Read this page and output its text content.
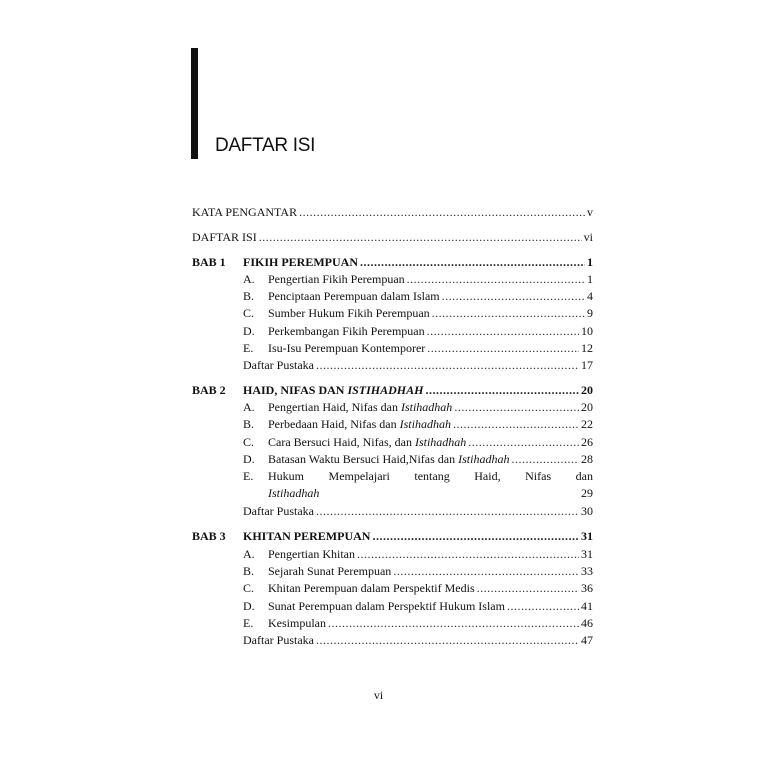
DAFTAR ISI
KATA PENGANTAR .....	v
DAFTAR ISI .....	vi
BAB 1	FIKIH PEREMPUAN .....	1
A.	Pengertian Fikih Perempuan .....	1
B.	Penciptaan Perempuan dalam Islam .....	4
C.	Sumber Hukum Fikih Perempuan .....	9
D.	Perkembangan Fikih Perempuan .....	10
E.	Isu-Isu Perempuan Kontemporer .....	12
Daftar Pustaka .....	17
BAB 2	HAID, NIFAS DAN ISTIHADHAH .....	20
A.	Pengertian Haid, Nifas dan Istihadhah .....	20
B.	Perbedaan Haid, Nifas dan Istihadhah .....	22
C.	Cara Bersuci Haid, Nifas, dan Istihadhah .....	26
D.	Batasan Waktu Bersuci Haid,Nifas dan Istihadhah .....	28
E.	Hukum Mempelajari tentang Haid, Nifas dan
Istihadhah	29
Daftar Pustaka .....	30
BAB 3	KHITAN PEREMPUAN .....	31
A.	Pengertian Khitan .....	31
B.	Sejarah Sunat Perempuan .....	33
C.	Khitan Perempuan dalam Perspektif Medis .....	36
D.	Sunat Perempuan dalam Perspektif Hukum Islam .....	41
E.	Kesimpulan .....	46
Daftar Pustaka .....	47
vi
